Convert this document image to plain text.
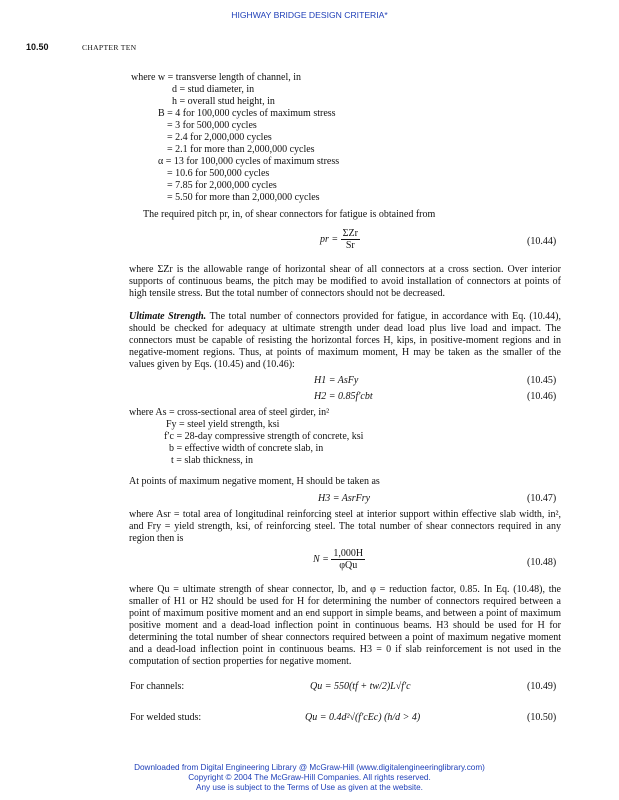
HIGHWAY BRIDGE DESIGN CRITERIA*
10.50	CHAPTER TEN
where w = transverse length of channel, in
d = stud diameter, in
h = overall stud height, in
B = 4 for 100,000 cycles of maximum stress
= 3 for 500,000 cycles
= 2.4 for 2,000,000 cycles
= 2.1 for more than 2,000,000 cycles
α = 13 for 100,000 cycles of maximum stress
= 10.6 for 500,000 cycles
= 7.85 for 2,000,000 cycles
= 5.50 for more than 2,000,000 cycles
The required pitch pr, in, of shear connectors for fatigue is obtained from
pr = $\frac{\text{ΣZr}}{Sr}$	(10.44)
where ΣZr is the allowable range of horizontal shear of all connectors at a cross section. Over interior supports of continuous beams, the pitch may be modified to avoid installation of connectors at points of high tensile stress. But the total number of connectors should not be decreased.
Ultimate Strength. The total number of connectors provided for fatigue, in accordance with Eq. (10.44), should be checked for adequacy at ultimate strength under dead load plus live load and impact. The connectors must be capable of resisting the horizontal forces H, kips, in positive-moment regions and in negative-moment regions. Thus, at points of maximum moment, H may be taken as the smaller of the values given by Eqs. (10.45) and (10.46):
H1 = AsFy	(10.45)
H2 = 0.85f′cbt	(10.46)
where As = cross-sectional area of steel girder, in²
Fy = steel yield strength, ksi
f′c = 28-day compressive strength of concrete, ksi
b = effective width of concrete slab, in
t = slab thickness, in
At points of maximum negative moment, H should be taken as
H3 = AsrFry	(10.47)
where Asr = total area of longitudinal reinforcing steel at interior support within effective slab width, in², and Fry = yield strength, ksi, of reinforcing steel. The total number of shear connectors required in any region then is
$N = \frac{1,000H}{\text{φQu}}$	(10.48)
where Qu = ultimate strength of shear connector, lb, and φ = reduction factor, 0.85. In Eq. (10.48), the smaller of H1 or H2 should be used for H for determining the number of connectors required between a point of maximum positive moment and an end support in simple beams, and between a point of maximum positive moment and a dead-load inflection point in continuous beams. H3 should be used for H for determining the total number of shear connectors required between a point of maximum negative moment and a dead-load inflection point in continuous beams. H3 = 0 if slab reinforcement is not used in the computation of section properties for negative moment.
For channels:	Qu = 550(tf + tw/2)L√f′c	(10.49)
For welded studs:	Qu = 0.4d²√(f′cEc) (h/d > 4)	(10.50)
Downloaded from Digital Engineering Library @ McGraw-Hill (www.digitalengineeringlibrary.com)
Copyright © 2004 The McGraw-Hill Companies. All rights reserved.
Any use is subject to the Terms of Use as given at the website.
